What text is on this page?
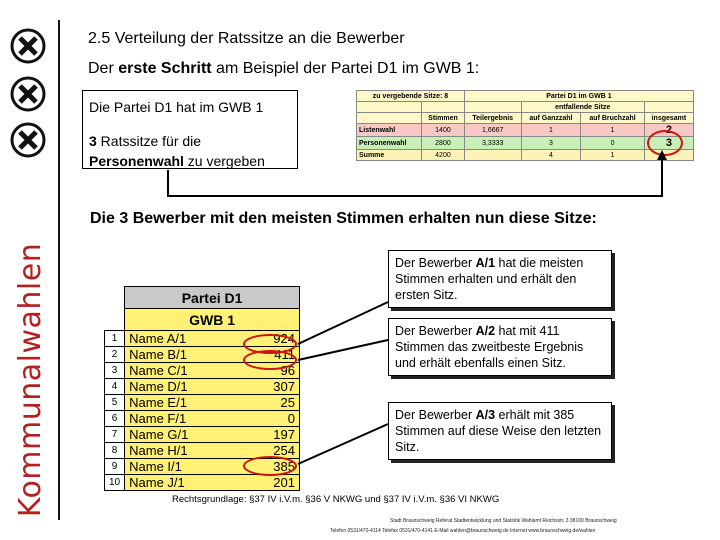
Kommunalwahlen
2.5 Verteilung der Ratssitze an die Bewerber
Der erste Schritt am Beispiel der Partei D1 im GWB 1:
Die Partei D1 hat im GWB 1
3 Ratssitze für die
Personenwahl zu vergeben
zu vergebende Sitze: 8		Partei D1 im GWB 1			
			entfallende Sitze		
	Stimmen	Teilergebnis	auf Ganzzahl	auf Bruchzahl	insgesamt
Listenwahl	1400	1,6667	1	1	2
Personenwahl	2800	3,3333	3	0	3
Summe	4200		4	1	
Die 3 Bewerber mit den meisten Stimmen erhalten nun diese Sitze:
	Partei D1	
	GWB 1	
1	Name A/1	924
2	Name B/1	411
3	Name C/1	96
4	Name D/1	307
5	Name E/1	25
6	Name F/1	0
7	Name G/1	197
8	Name H/1	254
9	Name I/1	385
10	Name J/1	201
Der Bewerber A/1 hat die meisten Stimmen erhalten und erhält den ersten Sitz.
Der Bewerber A/2 hat mit 411 Stimmen das zweitbeste Ergebnis und erhält ebenfalls einen Sitz.
Der Bewerber A/3 erhält mit 385 Stimmen auf diese Weise den letzten Sitz.
Rechtsgrundlage: §37 IV i.V.m. §36 V NKWG und §37 IV i.V.m. §36 VI NKWG
Stadt Braunschweig Referat Stadtentwicklung und Statistik Wahlamt Reichsstr. 3 38100 Braunschweig
Telefon 0531/470-4114 Telefax 0531/470-4141 E-Mail wahlen@braunschweig.de Internet www.braunschweig.de/wahlen
